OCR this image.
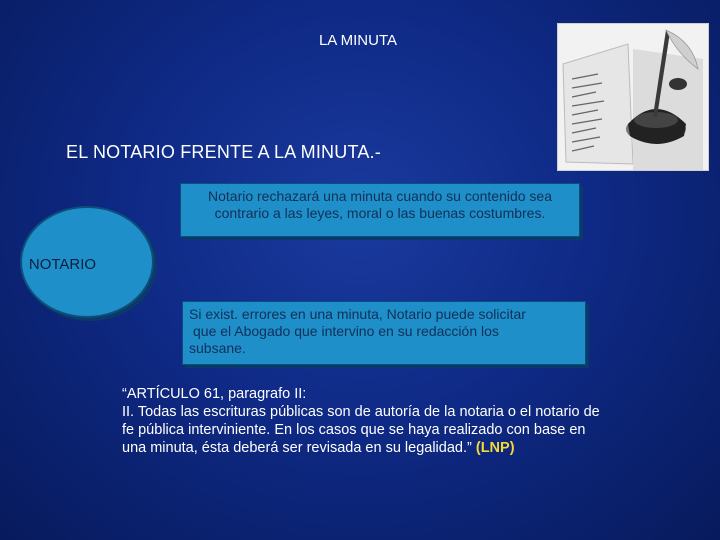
LA MINUTA
EL NOTARIO FRENTE A LA MINUTA.-
Notario rechazará una minuta cuando su contenido sea
contrario a las leyes, moral o las buenas costumbres.
NOTARIO
Si exist. errores en una minuta, Notario puede solicitar
que el Abogado que intervino en su redacción los
subsane.
“ARTÍCULO 61, paragrafo II:
II. Todas las escrituras públicas son de autoría de la notaria o el notario de
fe pública interviniente. En los casos que se haya realizado con base en
una minuta, ésta deberá ser revisada en su legalidad.” (LNP)
